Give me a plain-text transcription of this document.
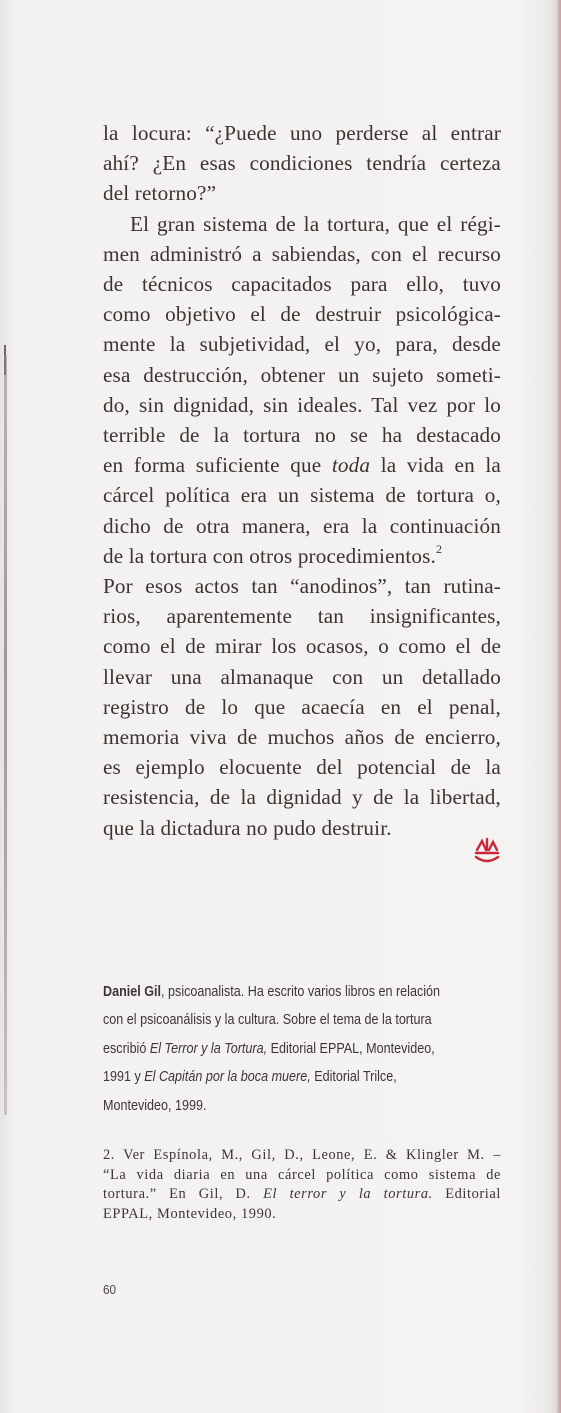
la locura: “¿Puede uno perderse al entrar
ahí? ¿En esas condiciones tendría certeza
del retorno?”

El gran sistema de la tortura, que el régi-
men administró a sabiendas, con el recurso
de técnicos capacitados para ello, tuvo
como objetivo el de destruir psicológica-
mente la subjetividad, el yo, para, desde
esa destrucción, obtener un sujeto someti-
do, sin dignidad, sin ideales. Tal vez por lo
terrible de la tortura no se ha destacado
en forma suficiente que toda la vida en la
cárcel política era un sistema de tortura o,
dicho de otra manera, era la continuación
de la tortura con otros procedimientos.$^2$

Por esos actos tan “anodinos”, tan rutina-
rios, aparentemente tan insignificantes,
como el de mirar los ocasos, o como el de
llevar una almanaque con un detallado
registro de lo que acaecía en el penal,
memoria viva de muchos años de encierro,
es ejemplo elocuente del potencial de la
resistencia, de la dignidad y de la libertad,
que la dictadura no pudo destruir.

Daniel Gil, psicoanalista. Ha escrito varios libros en relación
con el psicoanálisis y la cultura. Sobre el tema de la tortura
escribió El Terror y la Tortura, Editorial EPPAL, Montevideo,
1991 y El Capitán por la boca muere, Editorial Trilce,
Montevideo, 1999.
2. Ver Espínola, M., Gil, D., Leone, E. & Klingler M. –
“La vida diaria en una cárcel política como sistema de
tortura.” En Gil, D. El terror y la tortura. Editorial
EPPAL, Montevideo, 1990.
60
